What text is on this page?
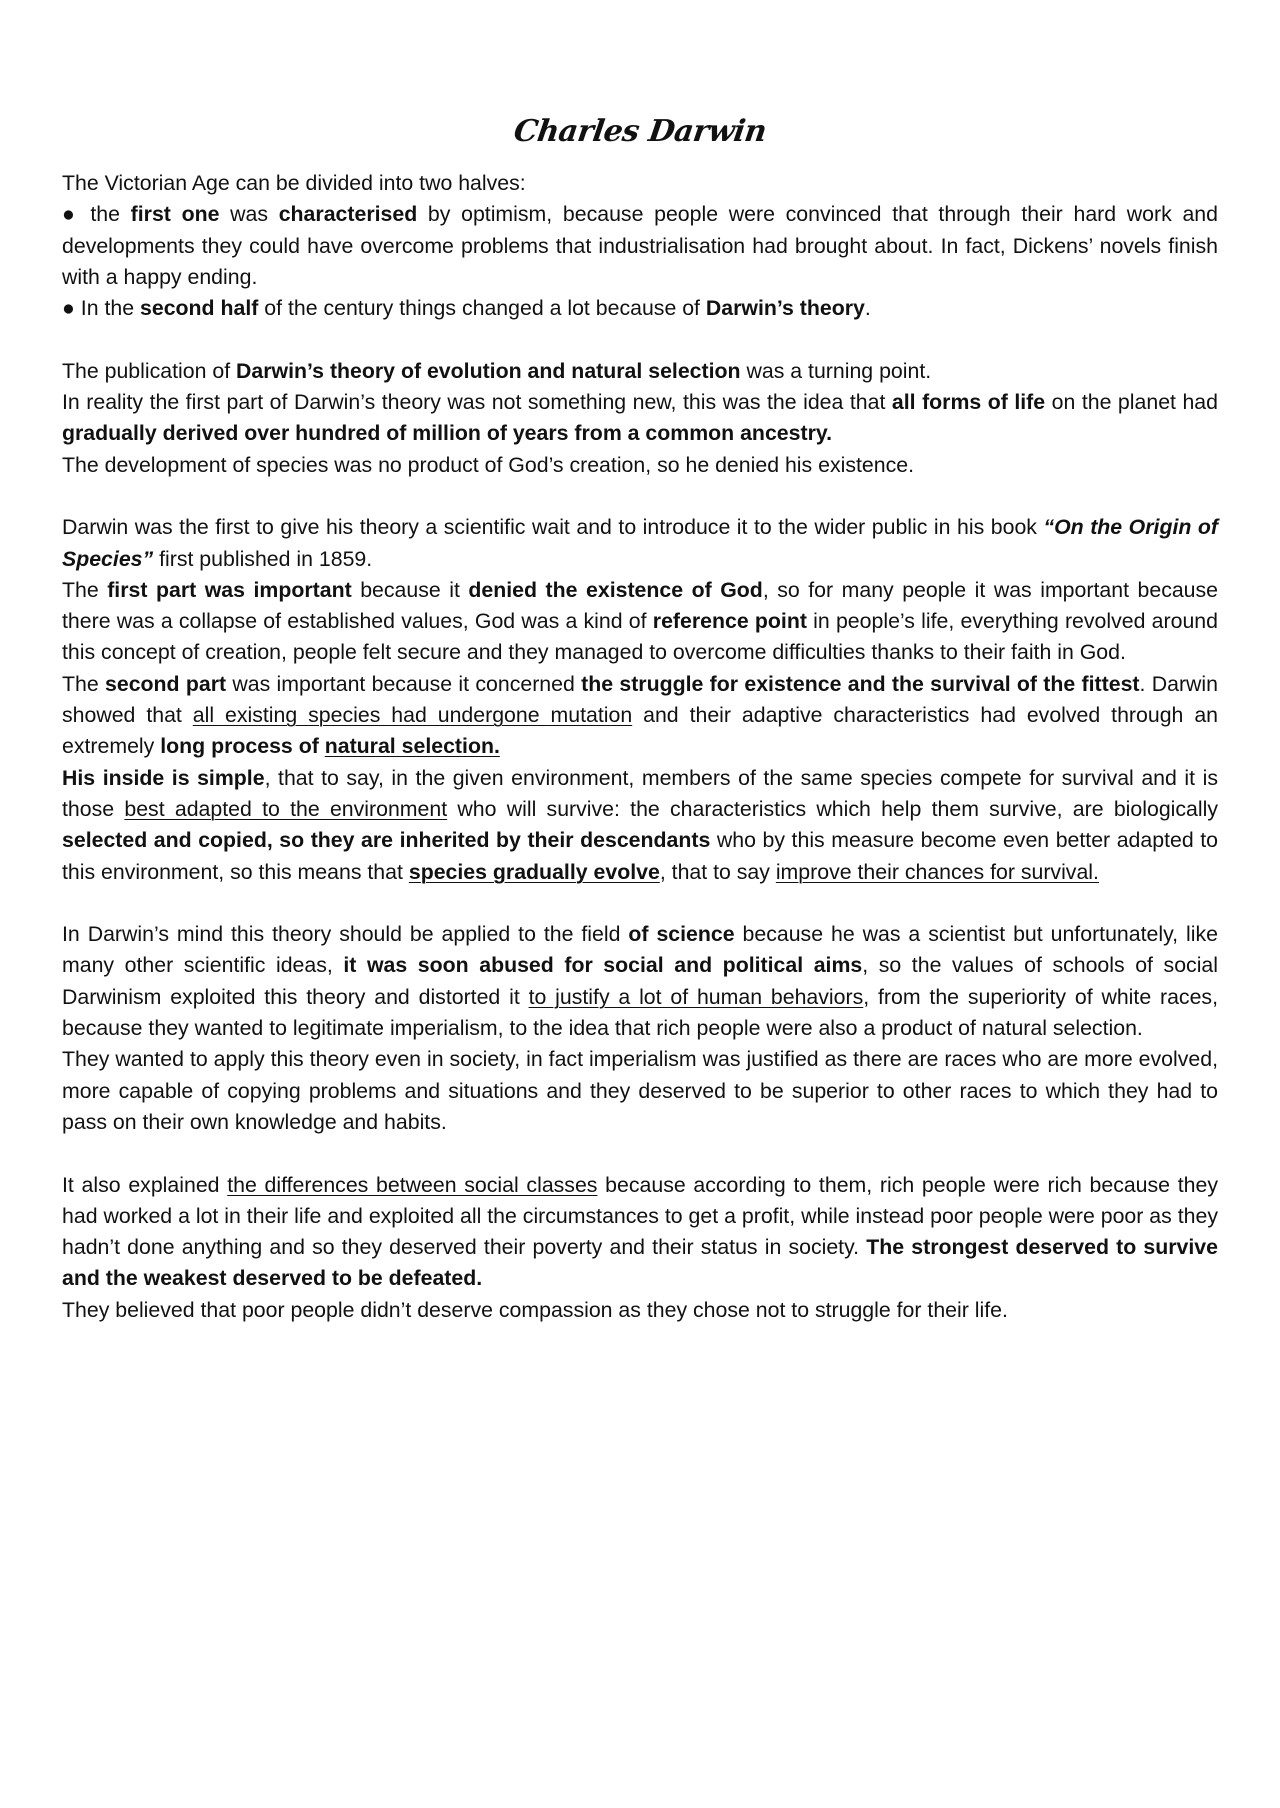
Charles Darwin

The Victorian Age can be divided into two halves:

● the first one was characterised by optimism, because people were convinced that through their hard work and developments they could have overcome problems that industrialisation had brought about. In fact, Dickens’ novels finish with a happy ending.

● In the second half of the century things changed a lot because of Darwin’s theory.

The publication of Darwin’s theory of evolution and natural selection was a turning point.

In reality the first part of Darwin’s theory was not something new, this was the idea that all forms of life on the planet had gradually derived over hundred of million of years from a common ancestry.

The development of species was no product of God’s creation, so he denied his existence.

Darwin was the first to give his theory a scientific wait and to introduce it to the wider public in his book “On the Origin of Species” first published in 1859.

The first part was important because it denied the existence of God, so for many people it was important because there was a collapse of established values, God was a kind of reference point in people’s life, everything revolved around this concept of creation, people felt secure and they managed to overcome difficulties thanks to their faith in God.

The second part was important because it concerned the struggle for existence and the survival of the fittest. Darwin showed that all existing species had undergone mutation and their adaptive characteristics had evolved through an extremely long process of natural selection.

His inside is simple, that to say, in the given environment, members of the same species compete for survival and it is those best adapted to the environment who will survive: the characteristics which help them survive, are biologically selected and copied, so they are inherited by their descendants who by this measure become even better adapted to this environment, so this means that species gradually evolve, that to say improve their chances for survival.

In Darwin’s mind this theory should be applied to the field of science because he was a scientist but unfortunately, like many other scientific ideas, it was soon abused for social and political aims, so the values of schools of social Darwinism exploited this theory and distorted it to justify a lot of human behaviors, from the superiority of white races, because they wanted to legitimate imperialism, to the idea that rich people were also a product of natural selection.

They wanted to apply this theory even in society, in fact imperialism was justified as there are races who are more evolved, more capable of copying problems and situations and they deserved to be superior to other races to which they had to pass on their own knowledge and habits.

It also explained the differences between social classes because according to them, rich people were rich because they had worked a lot in their life and exploited all the circumstances to get a profit, while instead poor people were poor as they hadn’t done anything and so they deserved their poverty and their status in society. The strongest deserved to survive and the weakest deserved to be defeated.

They believed that poor people didn’t deserve compassion as they chose not to struggle for their life.
